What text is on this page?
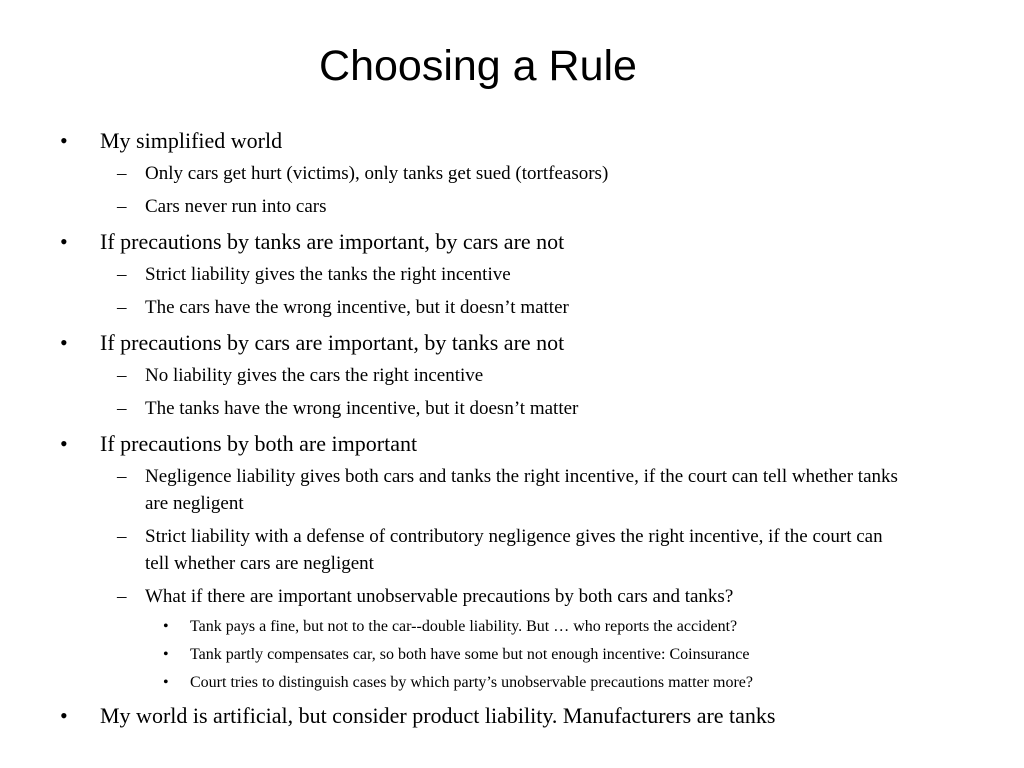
Choosing a Rule
• My simplified world
– Only cars get hurt (victims), only tanks get sued (tortfeasors)
– Cars never run into cars
• If precautions by tanks are important, by cars are not
– Strict liability gives the tanks the right incentive
– The cars have the wrong incentive, but it doesn’t matter
• If precautions by cars are important, by tanks are not
– No liability gives the cars the right incentive
– The tanks have the wrong incentive, but it doesn’t matter
• If precautions by both are important
– Negligence liability gives both cars and tanks the right incentive, if the court can tell whether tanks are negligent
– Strict liability with a defense of contributory negligence gives the right incentive, if the court can tell whether cars are negligent
– What if there are important unobservable precautions by both cars and tanks?
• Tank pays a fine, but not to the car--double liability. But … who reports the accident?
• Tank partly compensates car, so both have some but not enough incentive: Coinsurance
• Court tries to distinguish cases by which party’s unobservable precautions matter more?
• My world is artificial, but consider product liability. Manufacturers are tanks
